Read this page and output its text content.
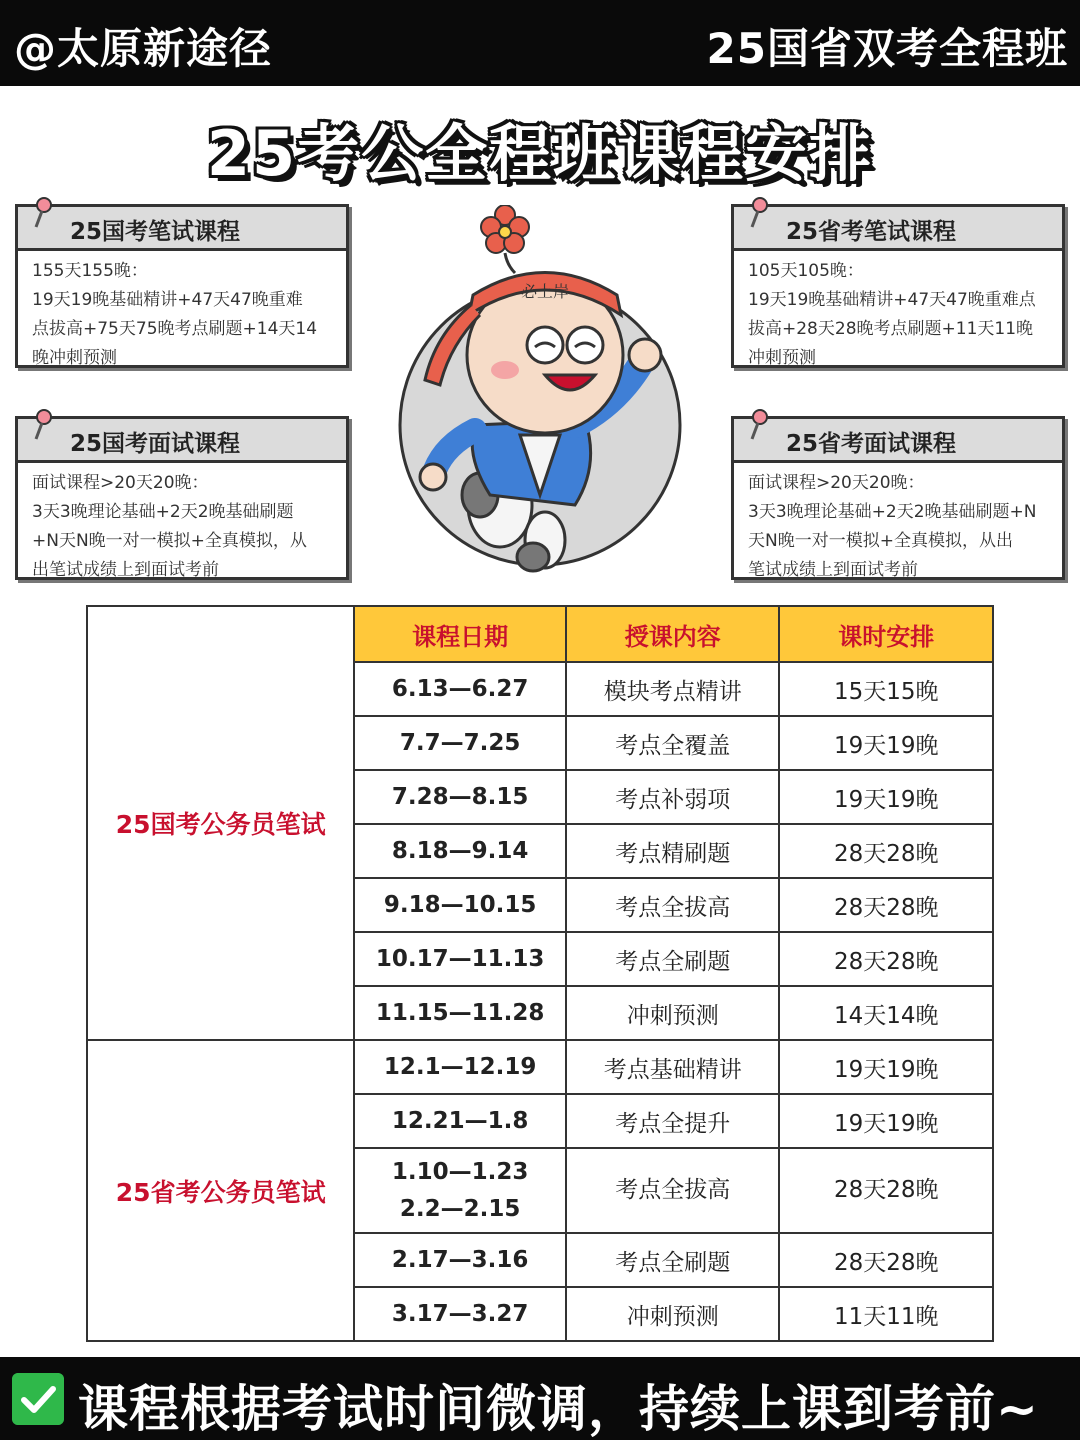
@太原新途径	25国省双考全程班
25考公全程班课程安排
25国考笔试课程
155天155晚：
19天19晚基础精讲+47天47晚重难
点拔高+75天75晚考点刷题+14天14
晚冲刺预测
25省考笔试课程
105天105晚：
19天19晚基础精讲+47天47晚重难点
拔高+28天28晚考点刷题+11天11晚
冲刺预测
25国考面试课程
面试课程>20天20晚：
3天3晚理论基础+2天2晚基础刷题
+N天N晚一对一模拟+全真模拟，从
出笔试成绩上到面试考前
25省考面试课程
面试课程>20天20晚：
3天3晚理论基础+2天2晚基础刷题+N
天N晚一对一模拟+全真模拟，从出
笔试成绩上到面试考前
必上岸
25国考公务员笔试	课程日期	授课内容	课时安排
	6.13—6.27	模块考点精讲	15天15晚
	7.7—7.25	考点全覆盖	19天19晚
	7.28—8.15	考点补弱项	19天19晚
	8.18—9.14	考点精刷题	28天28晚
	9.18—10.15	考点全拔高	28天28晚
	10.17—11.13	考点全刷题	28天28晚
	11.15—11.28	冲刺预测	14天14晚
25省考公务员笔试	12.1—12.19	考点基础精讲	19天19晚
	12.21—1.8	考点全提升	19天19晚

	1.10—1.23
2.2—2.15	考点全拔高	28天28晚
	2.17—3.16	考点全刷题	28天28晚
	3.17—3.27	冲刺预测	11天11晚
课程根据考试时间微调，持续上课到考前~
